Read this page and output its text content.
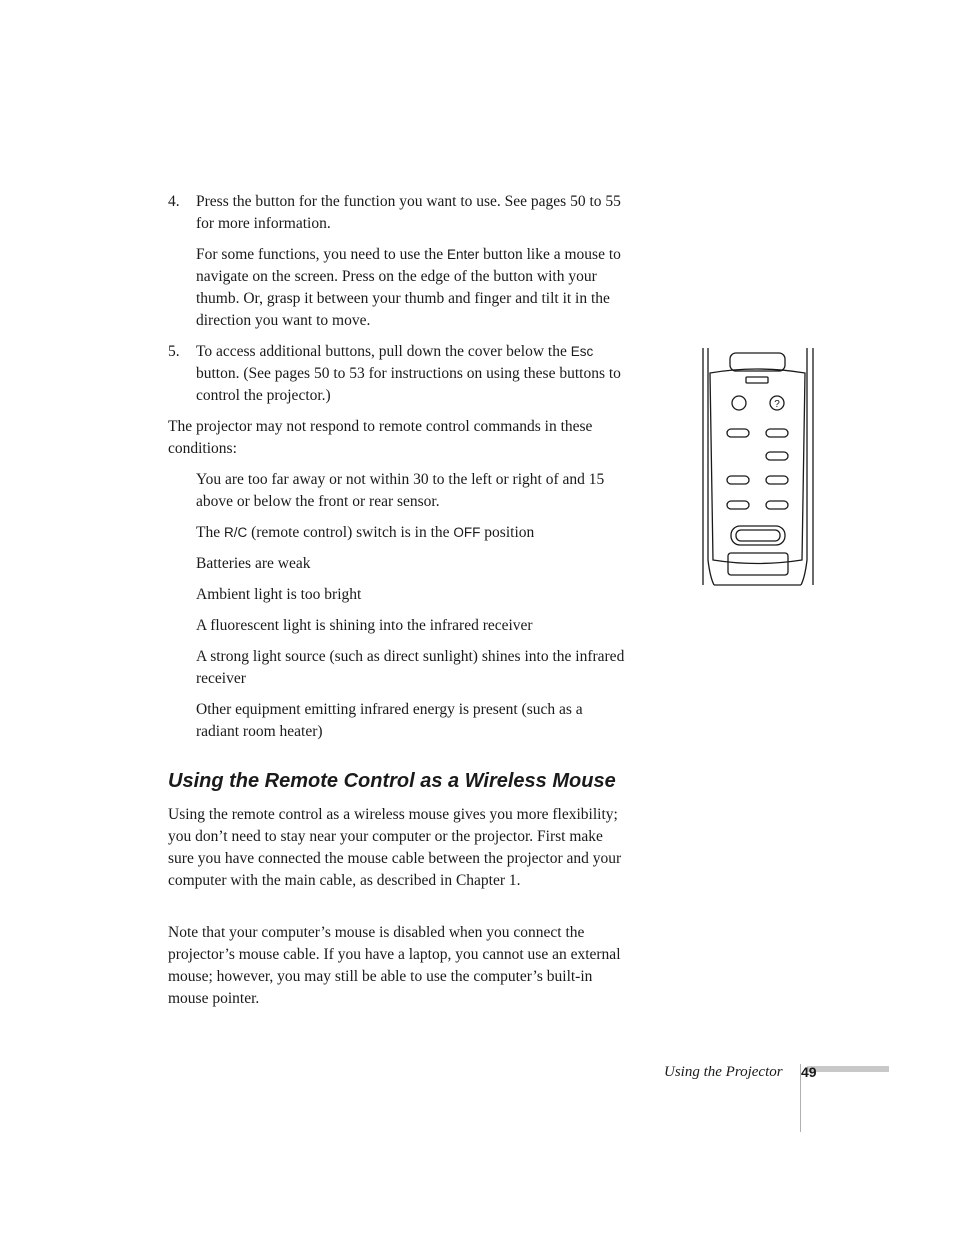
4.	Press the button for the function you want to use. See pages 50 to 55 for more information.
For some functions, you need to use the Enter button like a mouse to navigate on the screen. Press on the edge of the button with your thumb. Or, grasp it between your thumb and finger and tilt it in the direction you want to move.
5.	To access additional buttons, pull down the cover below the Esc button. (See pages 50 to 53 for instructions on using these buttons to control the projector.)
The projector may not respond to remote control commands in these conditions:
You are too far away or not within 30 to the left or right of and 15 above or below the front or rear sensor.
The R/C (remote control) switch is in the OFF position
Batteries are weak
Ambient light is too bright
A fluorescent light is shining into the infrared receiver
A strong light source (such as direct sunlight) shines into the infrared receiver
Other equipment emitting infrared energy is present (such as a radiant room heater)
Using the Remote Control as a Wireless Mouse
Using the remote control as a wireless mouse gives you more flexibility; you don’t need to stay near your computer or the projector. First make sure you have connected the mouse cable between the projector and your computer with the main cable, as described in Chapter 1.
Note that your computer’s mouse is disabled when you connect the projector’s mouse cable. If you have a laptop, you cannot use an external mouse; however, you may still be able to use the computer’s built-in mouse pointer.
?
Using the Projector 49
